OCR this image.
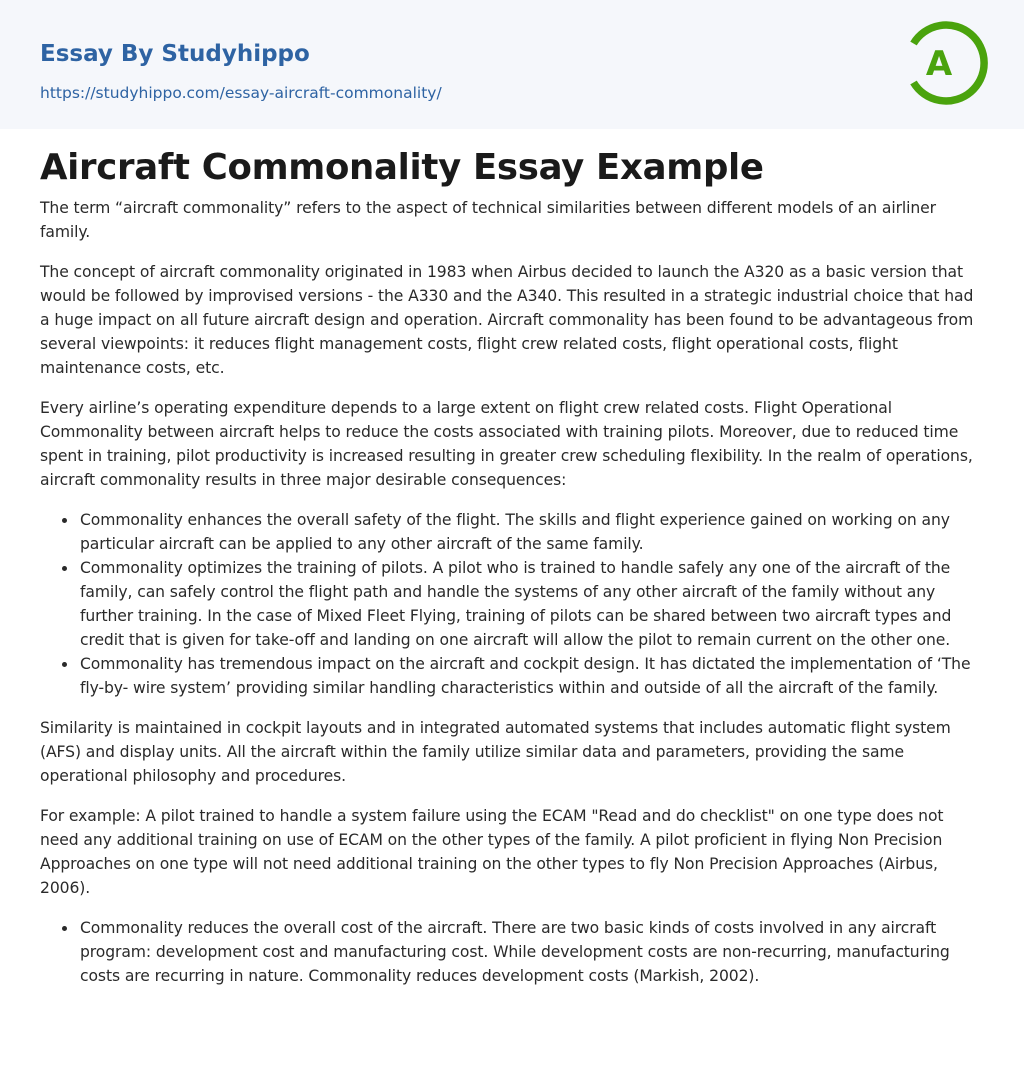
Essay By Studyhippo
https://studyhippo.com/essay-aircraft-commonality/
A
Aircraft Commonality Essay Example

The term “aircraft commonality” refers to the aspect of technical similarities between different models of an airliner family.

The concept of aircraft commonality originated in 1983 when Airbus decided to launch the A320 as a basic version that would be followed by improvised versions - the A330 and the A340. This resulted in a strategic industrial choice that had a huge impact on all future aircraft design and operation. Aircraft commonality has been found to be advantageous from several viewpoints: it reduces flight management costs, flight crew related costs, flight operational costs, flight maintenance costs, etc.

Every airline’s operating expenditure depends to a large extent on flight crew related costs. Flight Operational Commonality between aircraft helps to reduce the costs associated with training pilots. Moreover, due to reduced time spent in training, pilot productivity is increased resulting in greater crew scheduling flexibility. In the realm of operations, aircraft commonality results in three major desirable consequences:

Commonality enhances the overall safety of the flight. The skills and flight experience gained on working on any particular aircraft can be applied to any other aircraft of the same family.
Commonality optimizes the training of pilots. A pilot who is trained to handle safely any one of the aircraft of the family, can safely control the flight path and handle the systems of any other aircraft of the family without any further training. In the case of Mixed Fleet Flying, training of pilots can be shared between two aircraft types and credit that is given for take-off and landing on one aircraft will allow the pilot to remain current on the other one.
Commonality has tremendous impact on the aircraft and cockpit design. It has dictated the implementation of ‘The fly-by- wire system’ providing similar handling characteristics within and outside of all the aircraft of the family.

Similarity is maintained in cockpit layouts and in integrated automated systems that includes automatic flight system (AFS) and display units. All the aircraft within the family utilize similar data and parameters, providing the same operational philosophy and procedures.

For example: A pilot trained to handle a system failure using the ECAM "Read and do checklist" on one type does not need any additional training on use of ECAM on the other types of the family. A pilot proficient in flying Non Precision Approaches on one type will not need additional training on the other types to fly Non Precision Approaches (Airbus, 2006).

Commonality reduces the overall cost of the aircraft. There are two basic kinds of costs involved in any aircraft program: development cost and manufacturing cost. While development costs are non-recurring, manufacturing costs are recurring in nature. Commonality reduces development costs (Markish, 2002).
